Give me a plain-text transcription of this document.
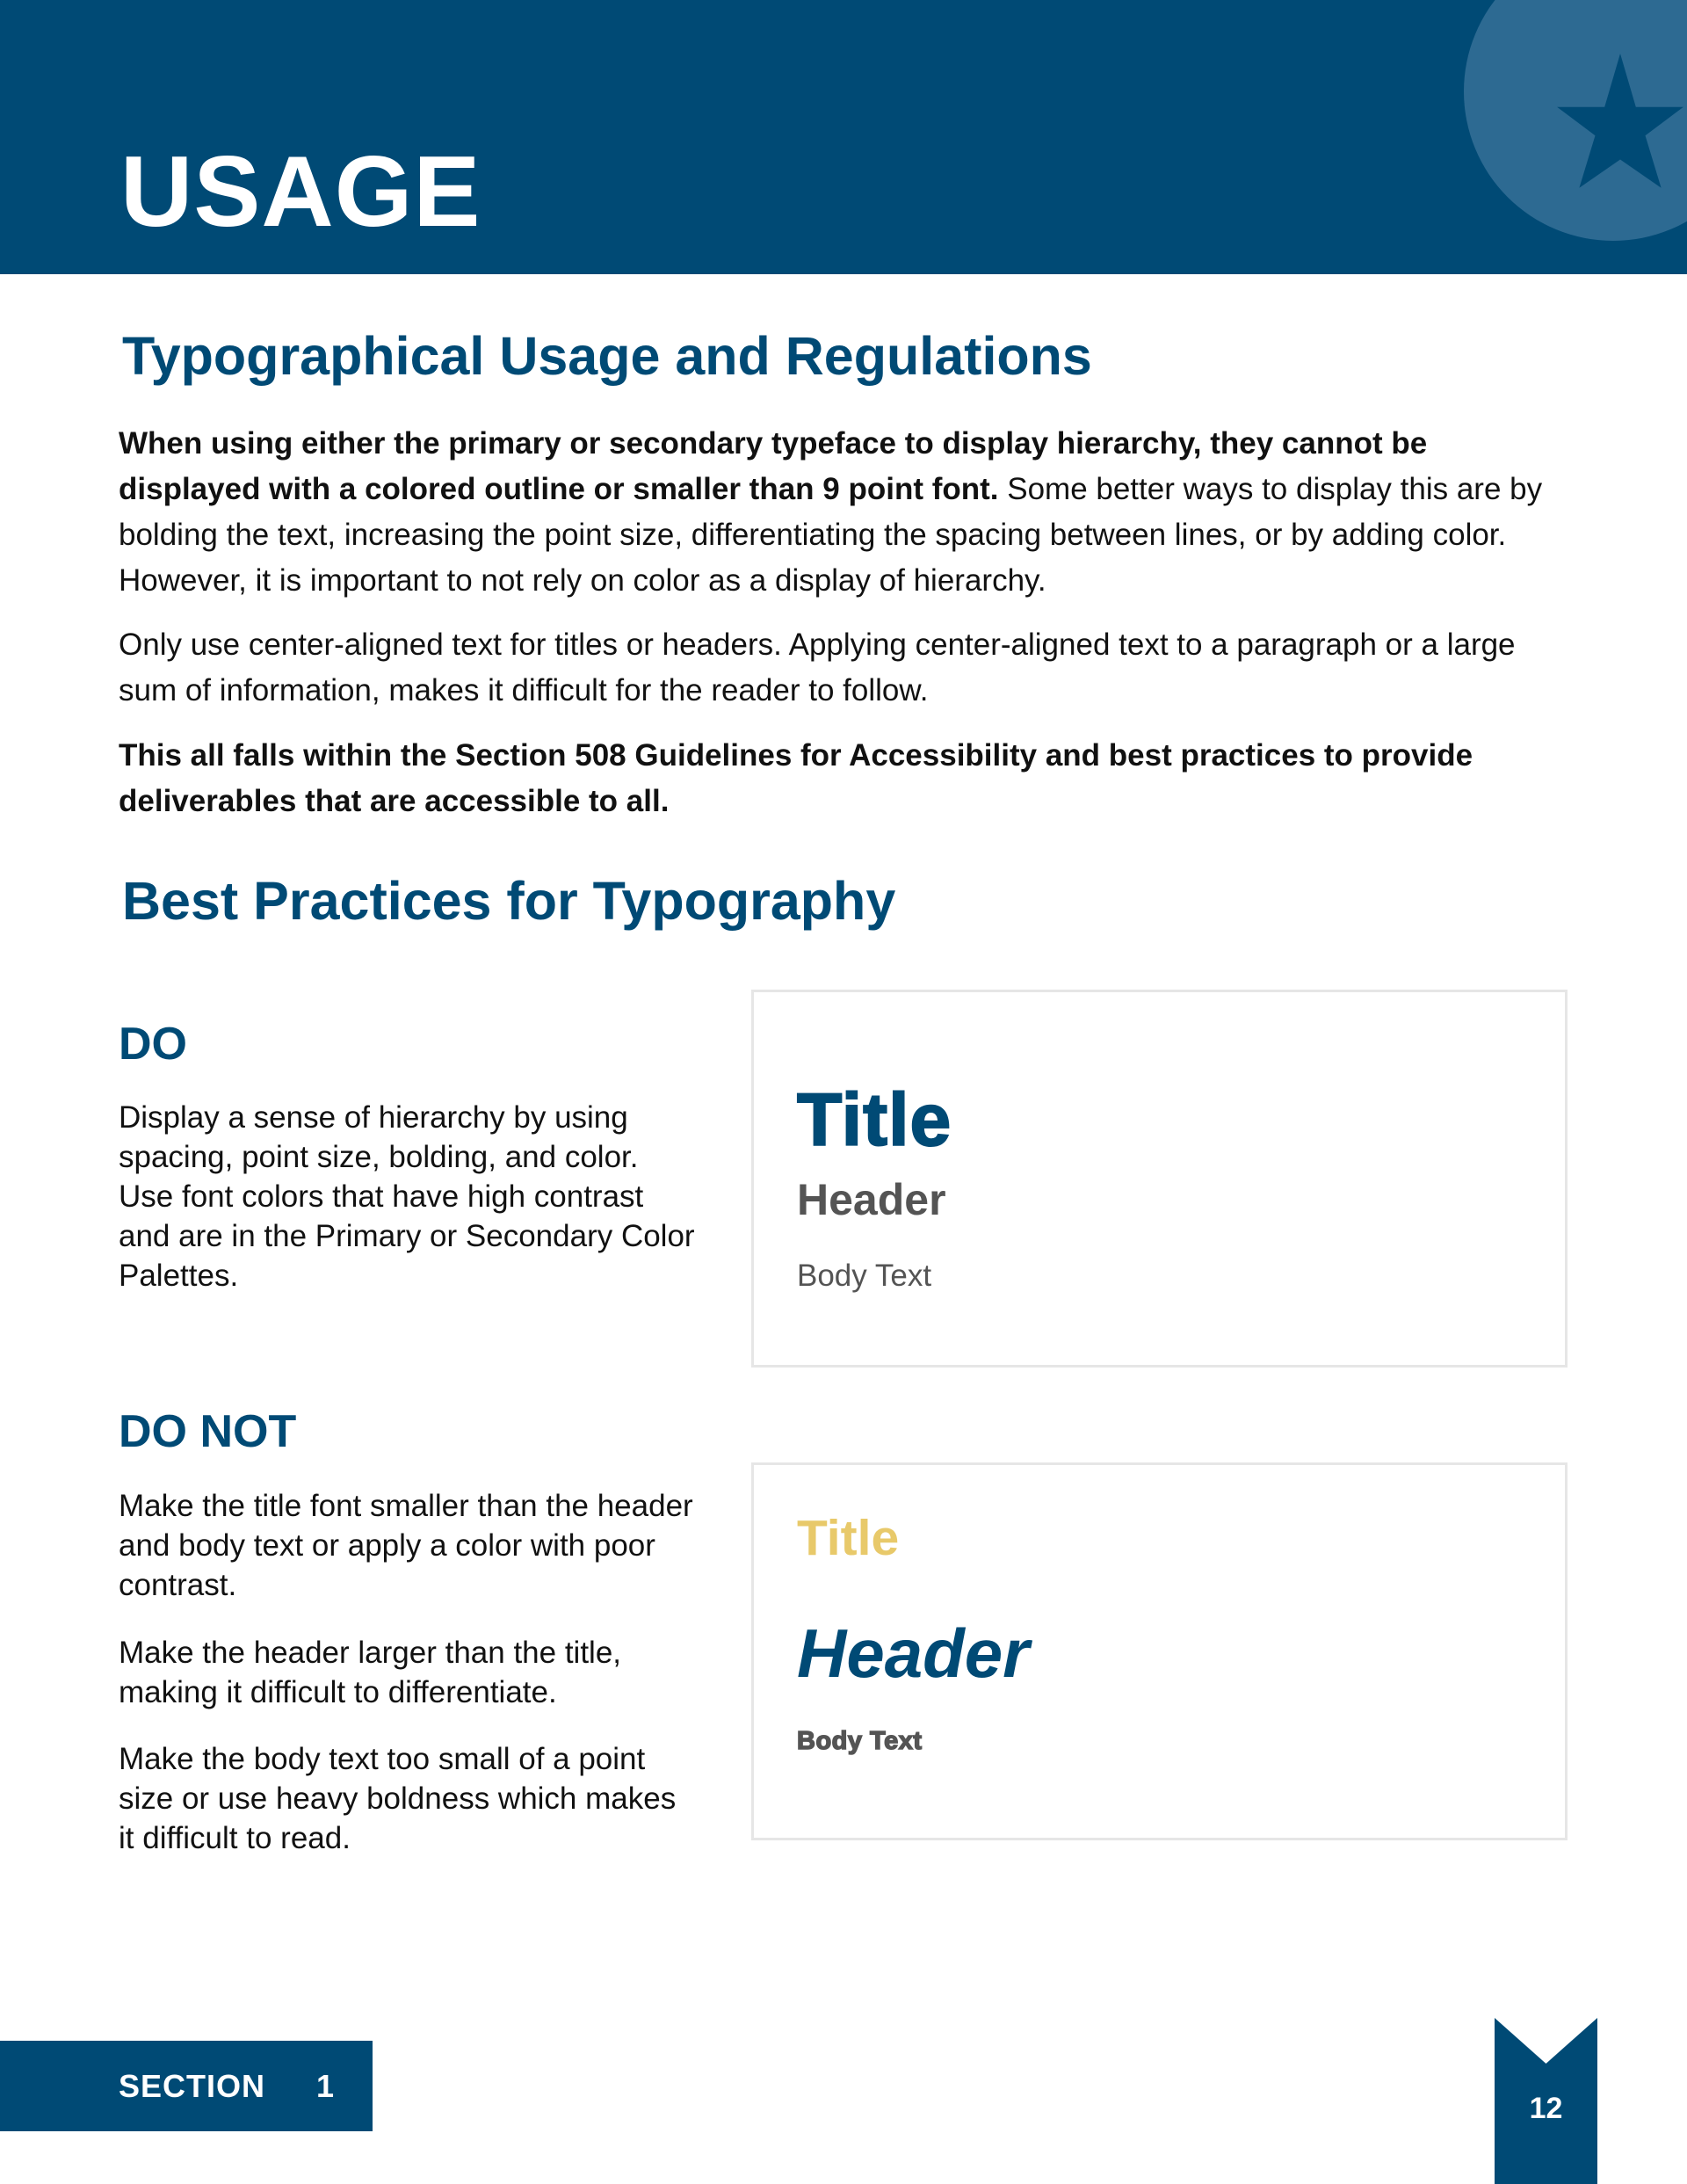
USAGE
Typographical Usage and Regulations

When using either the primary or secondary typeface to display hierarchy, they cannot be displayed with a colored outline or smaller than 9 point font. Some better ways to display this are by bolding the text, increasing the point size, differentiating the spacing between lines, or by adding color. However, it is important to not rely on color as a display of hierarchy.

Only use center-aligned text for titles or headers. Applying center-aligned text to a paragraph or a large sum of information, makes it difficult for the reader to follow.

This all falls within the Section 508 Guidelines for Accessibility and best practices to provide deliverables that are accessible to all.

Best Practices for Typography
DO

Display a sense of hierarchy by using spacing, point size, bolding, and color. Use font colors that have high contrast and are in the Primary or Secondary Color Palettes.

Title
Header
Body Text
DO NOT

Make the title font smaller than the header and body text or apply a color with poor contrast.

Make the header larger than the title, making it difficult to differentiate.

Make the body text too small of a point size or use heavy boldness which makes it difficult to read.

Title
Header
Body Text
SECTION 1
12
